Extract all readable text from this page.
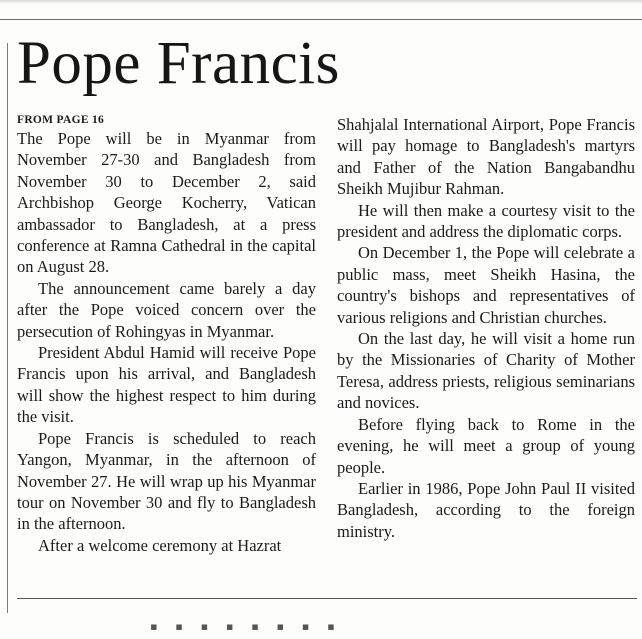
Pope Francis
FROM PAGE 16

The Pope will be in Myanmar from November 27-30 and Bangladesh from November 30 to December 2, said Archbishop George Kocherry, Vatican ambassador to Bangladesh, at a press conference at Ramna Cathedral in the capital on August 28.

The announcement came barely a day after the Pope voiced concern over the persecution of Rohingyas in Myanmar.

President Abdul Hamid will receive Pope Francis upon his arrival, and Bangladesh will show the highest respect to him during the visit.

Pope Francis is scheduled to reach Yangon, Myanmar, in the afternoon of November 27. He will wrap up his Myanmar tour on November 30 and fly to Bangladesh in the afternoon.

After a welcome ceremony at Hazrat

Shahjalal International Airport, Pope Francis will pay homage to Bangladesh's martyrs and Father of the Nation Bangabandhu Sheikh Mujibur Rahman.

He will then make a courtesy visit to the president and address the diplomatic corps.

On December 1, the Pope will celebrate a public mass, meet Sheikh Hasina, the country's bishops and representatives of various religions and Christian churches.

On the last day, he will visit a home run by the Missionaries of Charity of Mother Teresa, address priests, religious seminarians and novices.

Before flying back to Rome in the evening, he will meet a group of young people.

Earlier in 1986, Pope John Paul II visited Bangladesh, according to the foreign ministry.

▪ ▪ ▪ ▪ ▪ ▪ ▪ ▪
